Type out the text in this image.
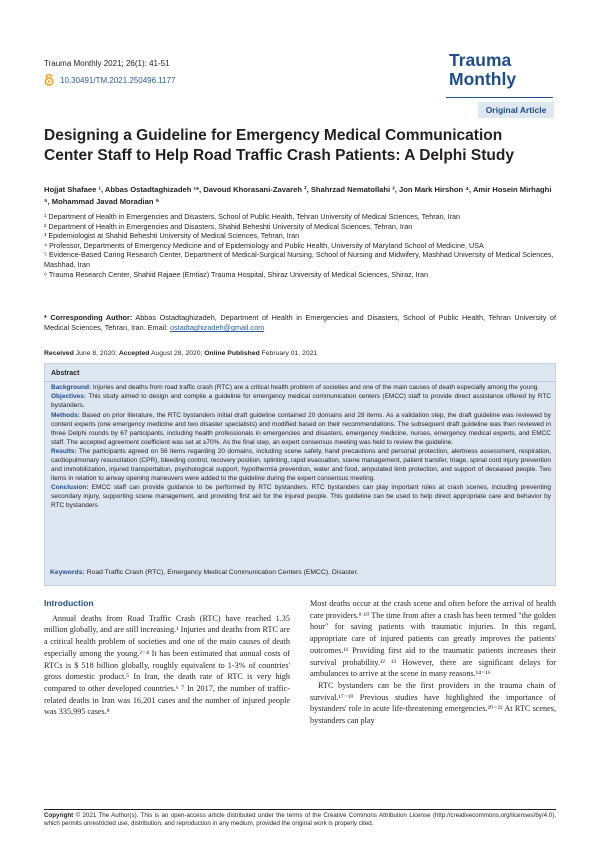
Trauma Monthly 2021; 26(1): 41-51
10.30491/TM.2021.250496.1177
Trauma
Monthly
Original Article
Designing a Guideline for Emergency Medical Communication Center Staff to Help Road Traffic Crash Patients: A Delphi Study
Hojjat Shafaee ¹, Abbas Ostadtaghizadeh ¹*, Davoud Khorasani-Zavareh ², Shahrzad Nematollahi ³, Jon Mark Hirshon ⁴, Amir Hosein Mirhaghi ⁵, Mohammad Javad Moradian ⁶
¹ Department of Health in Emergencies and Disasters, School of Public Health, Tehran University of Medical Sciences, Tehran, Iran
² Department of Health in Emergencies and Disasters, Shahid Beheshti University of Medical Sciences, Tehran, Iran
³ Epidemiologist at Shahid Beheshti University of Medical Sciences, Tehran, Iran
⁴ Professor, Departments of Emergency Medicine and of Epidemiology and Public Health, University of Maryland School of Medicine, USA
⁵ Evidence-Based Caring Research Center, Department of Medical-Surgical Nursing, School of Nursing and Midwifery, Mashhad University of Medical Sciences, Mashhad, Iran
⁶ Trauma Research Center, Shahid Rajaee (Emtiaz) Trauma Hospital, Shiraz University of Medical Sciences, Shiraz, Iran
* Corresponding Author: Abbas Ostadtaghizadeh, Department of Health in Emergencies and Disasters, School of Public Health, Tehran University of Medical Sciences, Tehran, Iran. Email: ostadtaghizadeh@gmail.com
Received June 8, 2020; Accepted August 28, 2020; Online Published February 01, 2021
Abstract

Background: Injuries and deaths from road traffic crash (RTC) are a critical health problem of societies and one of the main causes of death especially among the young.

Objectives: This study aimed to design and compile a guideline for emergency medical communication centers (EMCC) staff to provide direct assistance offered by RTC bystanders.

Methods: Based on prior literature, the RTC bystanders initial draft guideline contained 20 domains and 28 items. As a validation step, the draft guideline was reviewed by content experts (one emergency medicine and two disaster specialists) and modified based on their recommendations. The subsequent draft guideline was then reviewed in three Delphi rounds by 67 participants, including health professionals in emergencies and disasters, emergency medicine, nurses, emergency medical experts, and EMCC staff. The accepted agreement coefficient was set at ≥70%. As the final step, an expert consensus meeting was held to review the guideline.

Results: The participants agreed on 56 items regarding 20 domains, including scene safety, hand precautions and personal protection, alertness assessment, respiration, cardiopulmonary resuscitation (CPR), bleeding control, recovery position, splinting, rapid evacuation, scene management, patient transfer, triage, spinal cord injury prevention and immobilization, injured transportation, psychological support, hypothermia prevention, water and food, amputated limb protection, and support of deceased people. Two items in relation to airway opening maneuvers were added to the guideline during the expert consensus meeting.

Conclusion: EMCC staff can provide guidance to be performed by RTC bystanders. RTC bystanders can play important roles at crash scenes, including preventing secondary injury, supporting scene management, and providing first aid for the injured people. This guideline can be used to help direct appropriate care and behavior by RTC bystanders

Keywords: Road Traffic Crash (RTC), Emergency Medical Communication Centers (EMCC), Disaster.
Introduction

Annual deaths from Road Traffic Crash (RTC) have reached 1.35 million globally, and are still increasing.¹ Injuries and deaths from RTC are a critical health problem of societies and one of the main causes of death especially among the young.²⁻⁴ It has been estimated that annual costs of RTCs is $ 518 billion globally, roughly equivalent to 1-3% of countries' gross domestic product.⁵ In Iran, the death rate of RTC is very high compared to other developed countries.⁶ ⁷ In 2017, the number of traffic-related deaths in Iran was 16,201 cases and the number of injured people was 335,995 cases.⁸

Most deaths occur at the crash scene and often before the arrival of health care providers.⁹ ¹⁰ The time from after a crash has been termed "the golden hour" for saving patients with traumatic injuries. In this regard, appropriate care of injured patients can greatly improves the patients' outcomes.¹¹ Providing first aid to the traumatic patients increases their survival probability.¹² ¹³ However, there are significant delays for ambulances to arrive at the scene in many reasons.¹⁴⁻¹⁶

RTC bystanders can be the first providers in the trauma chain of survival.¹⁷⁻¹⁹ Previous studies have highlighted the importance of bystanders' role in acute life-threatening emergencies.²⁰⁻²² At RTC scenes, bystanders can play

Copyright © 2021 The Author(s). This is an open-access article distributed under the terms of the Creative Commons Attribution License (http://creativecommons.org/licenses/by/4.0), which permits unrestricted use, distribution, and reproduction in any medium, provided the original work is properly cited.
